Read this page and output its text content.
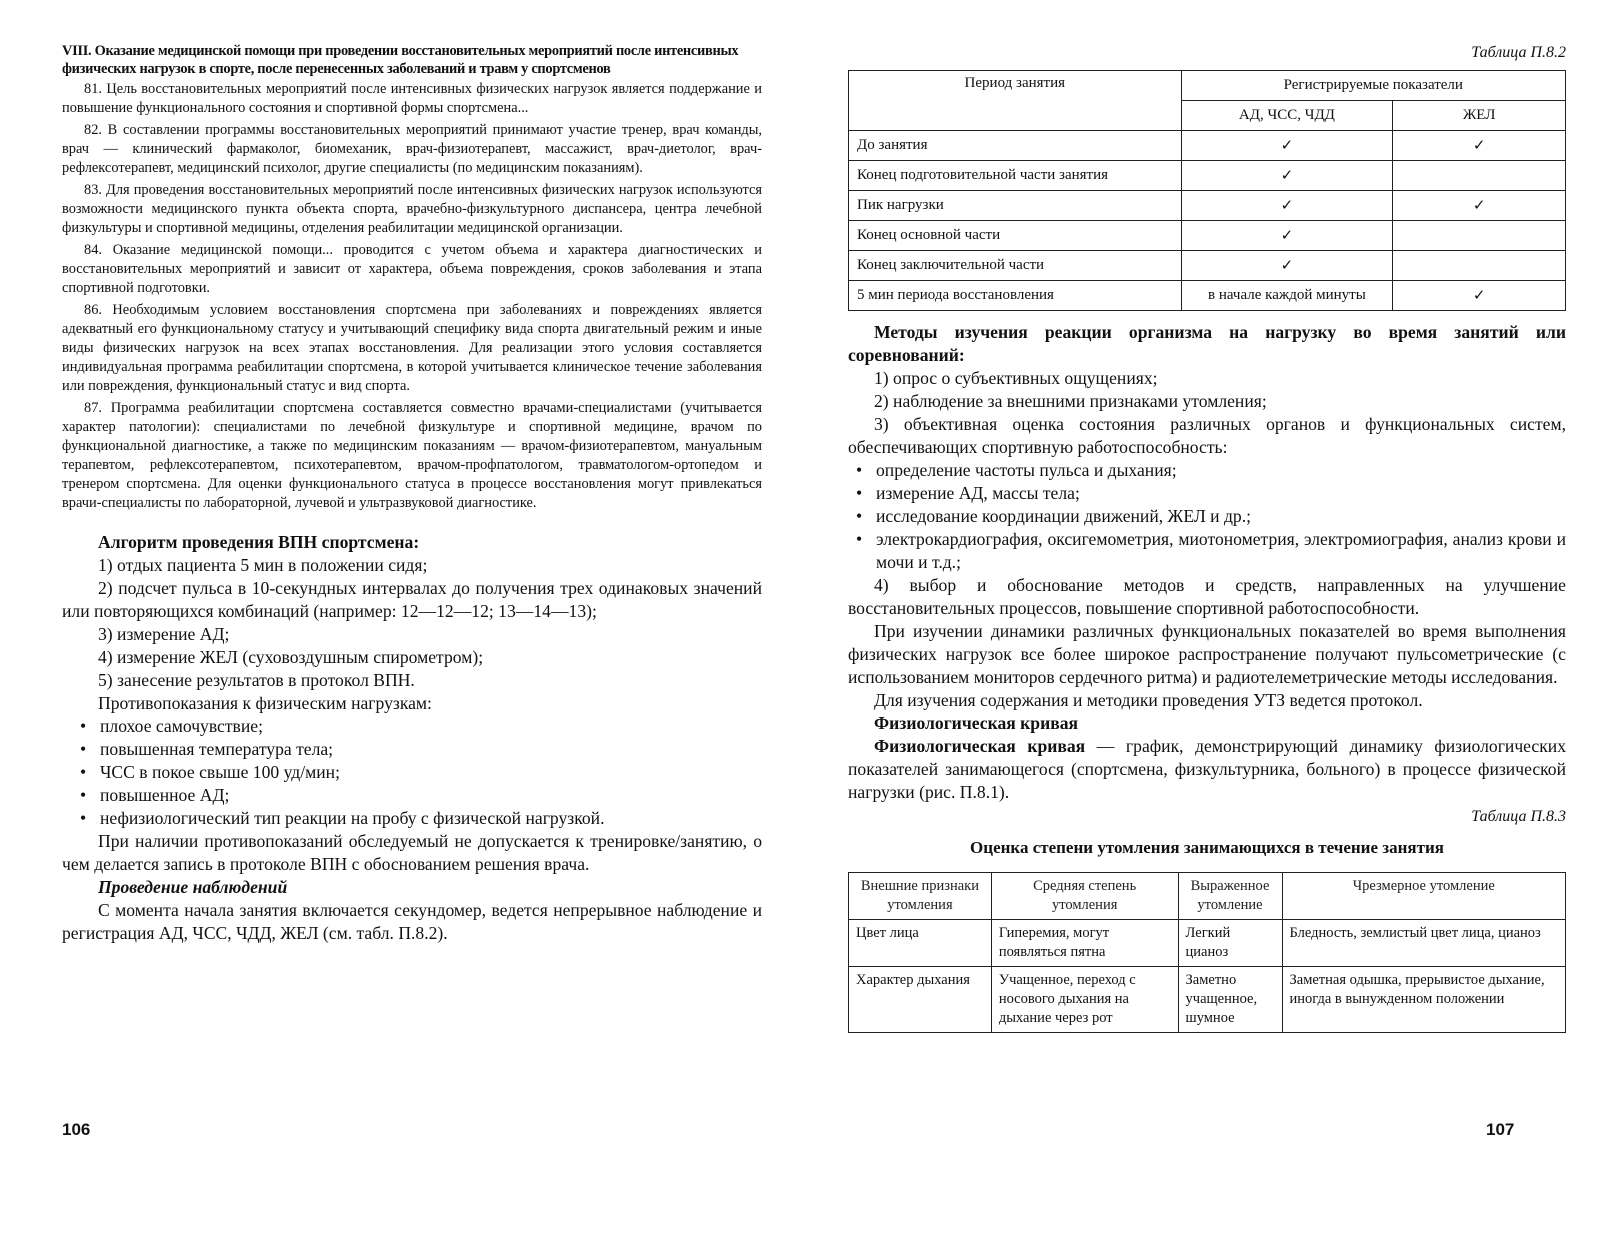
VIII. Оказание медицинской помощи при проведении восстановительных мероприятий после интенсивных физических нагрузок в спорте, после перенесенных заболеваний и травм у спортсменов

81. Цель восстановительных мероприятий после интенсивных физических нагрузок является поддержание и повышение функционального состояния и спортивной формы спортсмена...

82. В составлении программы восстановительных мероприятий принимают участие тренер, врач команды, врач — клинический фармаколог, биомеханик, врач-физиотерапевт, массажист, врач-диетолог, врач-рефлексотерапевт, медицинский психолог, другие специалисты (по медицинским показаниям).

83. Для проведения восстановительных мероприятий после интенсивных физических нагрузок используются возможности медицинского пункта объекта спорта, врачебно-физкультурного диспансера, центра лечебной физкультуры и спортивной медицины, отделения реабилитации медицинской организации.

84. Оказание медицинской помощи... проводится с учетом объема и характера диагностических и восстановительных мероприятий и зависит от характера, объема повреждения, сроков заболевания и этапа спортивной подготовки.

86. Необходимым условием восстановления спортсмена при заболеваниях и повреждениях является адекватный его функциональному статусу и учитывающий специфику вида спорта двигательный режим и иные виды физических нагрузок на всех этапах восстановления. Для реализации этого условия составляется индивидуальная программа реабилитации спортсмена, в которой учитывается клиническое течение заболевания или повреждения, функциональный статус и вид спорта.

87. Программа реабилитации спортсмена составляется совместно врачами-специалистами (учитывается характер патологии): специалистами по лечебной физкультуре и спортивной медицине, врачом по функциональной диагностике, а также по медицинским показаниям — врачом-физиотерапевтом, мануальным терапевтом, рефлексотерапевтом, психотерапевтом, врачом-профпатологом, травматологом-ортопедом и тренером спортсмена. Для оценки функционального статуса в процессе восстановления могут привлекаться врачи-специалисты по лабораторной, лучевой и ультразвуковой диагностике.

Алгоритм проведения ВПН спортсмена:

1) отдых пациента 5 мин в положении сидя;
2) подсчет пульса в 10-секундных интервалах до получения трех одинаковых значений или повторяющихся комбинаций (например: 12—12—12; 13—14—13);
3) измерение АД;
4) измерение ЖЕЛ (суховоздушным спирометром);
5) занесение результатов в протокол ВПН.

Противопоказания к физическим нагрузкам:

• плохое самочувствие;
• повышенная температура тела;
• ЧСС в покое свыше 100 уд/мин;
• повышенное АД;
• нефизиологический тип реакции на пробу с физической нагрузкой.

При наличии противопоказаний обследуемый не допускается к тренировке/занятию, о чем делается запись в протоколе ВПН с обоснованием решения врача.

Проведение наблюдений

С момента начала занятия включается секундомер, ведется непрерывное наблюдение и регистрация АД, ЧСС, ЧДД, ЖЕЛ (см. табл. П.8.2).

106
Таблица П.8.2
Период занятия	Регистрируемые показатели	
	АД, ЧСС, ЧДД	ЖЕЛ
До занятия	✓	✓
Конец подготовительной части занятия	✓	
Пик нагрузки	✓	✓
Конец основной части	✓	
Конец заключительной части	✓	
5 мин периода восстановления	в начале каждой минуты	✓

Методы изучения реакции организма на нагрузку во время занятий или соревнований:

1) опрос о субъективных ощущениях;

2) наблюдение за внешними признаками утомления;

3) объективная оценка состояния различных органов и функциональных систем, обеспечивающих спортивную работоспособность:

• определение частоты пульса и дыхания;
• измерение АД, массы тела;
• исследование координации движений, ЖЕЛ и др.;
• электрокардиография, оксигемометрия, миотонометрия, электромиография, анализ крови и мочи и т.д.;

4) выбор и обоснование методов и средств, направленных на улучшение восстановительных процессов, повышение спортивной работоспособности.

При изучении динамики различных функциональных показателей во время выполнения физических нагрузок все более широкое распространение получают пульсометрические (с использованием мониторов сердечного ритма) и радиотелеметрические методы исследования.

Для изучения содержания и методики проведения УТЗ ведется протокол.

Физиологическая кривая

Физиологическая кривая — график, демонстрирующий динамику физиологических показателей занимающегося (спортсмена, физкультурника, больного) в процессе физической нагрузки (рис. П.8.1).

Таблица П.8.3
Оценка степени утомления занимающихся в течение занятия
Внешние признаки утомления	Средняя степень утомления	Выраженное утомление	Чрезмерное утомление
Цвет лица	Гиперемия, могут появляться пятна	Легкий цианоз	Бледность, землистый цвет лица, цианоз
Характер дыхания	Учащенное, переход с носового дыхания на дыхание через рот	Заметно учащенное, шумное	Заметная одышка, прерывистое дыхание, иногда в вынужденном положении
107
